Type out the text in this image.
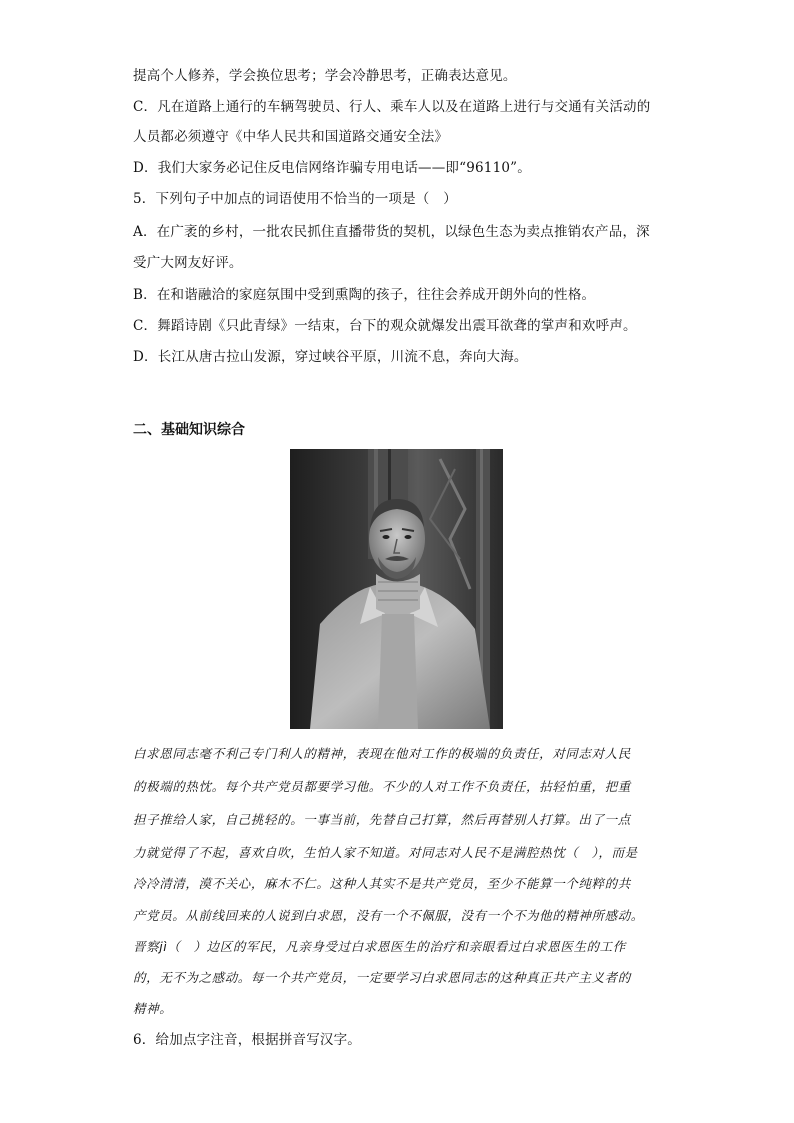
提高个人修养，学会换位思考；学会冷静思考，正确表达意见。
C．凡在道路上通行的车辆驾驶员、行人、乘车人以及在道路上进行与交通有关活动的
人员都必须遵守《中华人民共和国道路交通安全法》
D．我们大家务必记住反电信网络诈骗专用电话——即“96110”。
5．下列句子中加点的词语使用不恰当的一项是（　）
A．在广袤的乡村，一批农民抓住直播带货的契机，以绿色生态为卖点推销农产品，深
受广大网友好评。
B．在和谐融洽的家庭氛围中受到熏陶的孩子，往往会养成开朗外向的性格。
C．舞蹈诗剧《只此青绿》一结束，台下的观众就爆发出震耳欲聋的掌声和欢呼声。
D．长江从唐古拉山发源，穿过峡谷平原，川流不息，奔向大海。
二、基础知识综合
白求恩同志毫不利己专门利人的精神，表现在他对工作的极端的负责任，对同志对人民
的极端的热忱。每个共产党员都要学习他。不少的人对工作不负责任，拈轻怕重，把重
担子推给人家，自己挑轻的。一事当前，先替自己打算，然后再替别人打算。出了一点
力就觉得了不起，喜欢自吹，生怕人家不知道。对同志对人民不是满腔热忱（　），而是
冷冷清清，漠不关心，麻木不仁。这种人其实不是共产党员，至少不能算一个纯粹的共
产党员。从前线回来的人说到白求恩，没有一个不佩服，没有一个不为他的精神所感动。
晋察jì（　）边区的军民，凡亲身受过白求恩医生的治疗和亲眼看过白求恩医生的工作
的，无不为之感动。每一个共产党员，一定要学习白求恩同志的这种真正共产主义者的
精神。
6．给加点字注音，根据拼音写汉字。
